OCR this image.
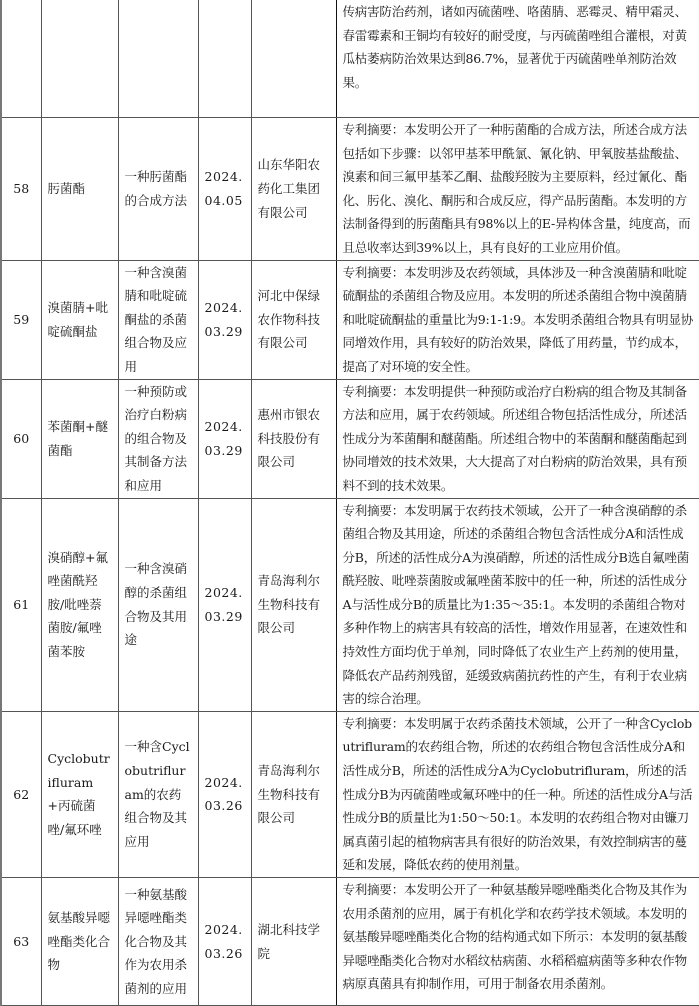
					传病害防治药剂，诸如丙硫菌唑、咯菌腈、恶霉灵、精甲霜灵、春雷霉素和王铜均有较好的耐受度，与丙硫菌唑组合灌根，对黄瓜枯萎病防治效果达到86.7%，显著优于丙硫菌唑单剂防治效果。
58	肟菌酯	一种肟菌酯的合成方法	2024.04.05	山东华阳农药化工集团有限公司	专利摘要：本发明公开了一种肟菌酯的合成方法，所述合成方法包括如下步骤：以邻甲基苯甲酰氯、氰化钠、甲氧胺基盐酸盐、溴素和间三氟甲基苯乙酮、盐酸羟胺为主要原料，经过氰化、酯化、肟化、溴化、酮肟和合成反应，得产品肟菌酯。本发明的方法制备得到的肟菌酯具有98%以上的E-异构体含量，纯度高，而且总收率达到39%以上，具有良好的工业应用价值。
59	溴菌腈+吡啶硫酮盐	一种含溴菌腈和吡啶硫酮盐的杀菌组合物及应用	2024.03.29	河北中保绿农作物科技有限公司	专利摘要：本发明涉及农药领域，具体涉及一种含溴菌腈和吡啶硫酮盐的杀菌组合物及应用。本发明的所述杀菌组合物中溴菌腈和吡啶硫酮盐的重量比为9:1-1:9。本发明杀菌组合物具有明显协同增效作用，具有较好的防治效果，降低了用药量，节约成本，提高了对环境的安全性。
60	苯菌酮+醚菌酯	一种预防或治疗白粉病的组合物及其制备方法和应用	2024.03.29	惠州市银农科技股份有限公司	专利摘要：本发明提供一种预防或治疗白粉病的组合物及其制备方法和应用，属于农药领域。所述组合物包括活性成分，所述活性成分为苯菌酮和醚菌酯。所述组合物中的苯菌酮和醚菌酯起到协同增效的技术效果，大大提高了对白粉病的防治效果，具有预料不到的技术效果。
61	溴硝醇+氟唑菌酰羟胺/吡唑萘菌胺/氟唑菌苯胺	一种含溴硝醇的杀菌组合物及其用途	2024.03.29	青岛海利尔生物科技有限公司	专利摘要：本发明属于农药技术领域，公开了一种含溴硝醇的杀菌组合物及其用途，所述的杀菌组合物包含活性成分A和活性成分B，所述的活性成分A为溴硝醇，所述的活性成分B选自氟唑菌酰羟胺、吡唑萘菌胺或氟唑菌苯胺中的任一种，所述的活性成分A与活性成分B的质量比为1:35～35:1。本发明的杀菌组合物对多种作物上的病害具有较高的活性，增效作用显著，在速效性和持效性方面均优于单剂，同时降低了农业生产上药剂的使用量，降低农产品药剂残留，延缓致病菌抗药性的产生，有利于农业病害的综合治理。
62	Cyclobutrifluram+丙硫菌唑/氟环唑	一种含Cyclobutrifluram的农药组合物及其应用	2024.03.26	青岛海利尔生物科技有限公司	专利摘要：本发明属于农药杀菌技术领域，公开了一种含Cyclobutrifluram的农药组合物，所述的农药组合物包含活性成分A和活性成分B，所述的活性成分A为Cyclobutrifluram，所述的活性成分B为丙硫菌唑或氟环唑中的任一种。所述的活性成分A与活性成分B的质量比为1:50～50:1。本发明的农药组合物对由镰刀属真菌引起的植物病害具有很好的防治效果，有效控制病害的蔓延和发展，降低农药的使用剂量。
63	氨基酸异噁唑酯类化合物	一种氨基酸异噁唑酯类化合物及其作为农用杀菌剂的应用	2024.03.26	湖北科技学院	专利摘要：本发明公开了一种氨基酸异噁唑酯类化合物及其作为农用杀菌剂的应用，属于有机化学和农药学技术领域。本发明的氨基酸异噁唑酯类化合物的结构通式如下所示：本发明的氨基酸异噁唑酯类化合物对水稻纹枯病菌、水稻稻瘟病菌等多种农作物病原真菌具有抑制作用，可用于制备农用杀菌剂。
